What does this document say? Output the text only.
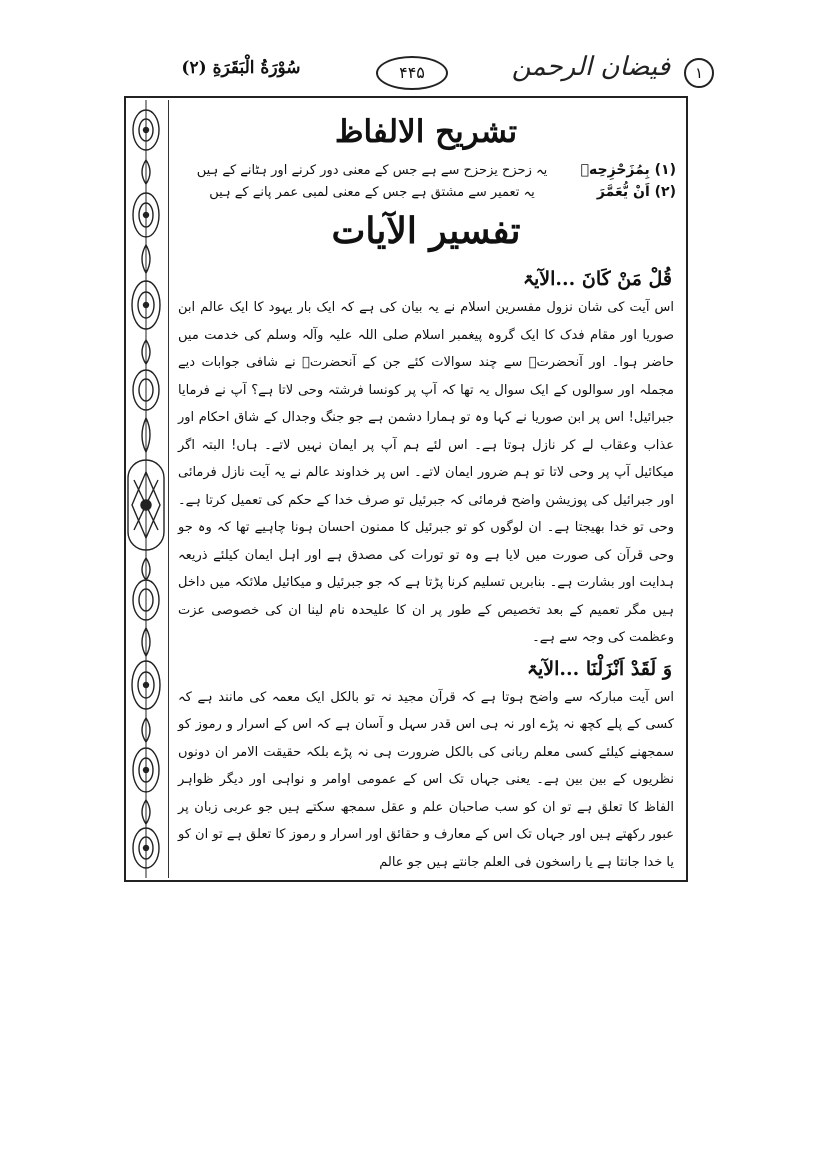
فیضان الرحمن	۱
۴۴۵
سُوْرَةُ الْبَقَرَةِ (۲)
تشریح الالفاظ
(۱) بِمُزَحْزِحِهٖ
یہ زحزح یزحزح سے ہے جس کے معنی دور کرنے اور ہٹانے کے ہیں
(۲) اَنْ یُّعَمَّرَ
یہ تعمیر سے مشتق ہے جس کے معنی لمبی عمر پانے کے ہیں
تفسیر الآیات
قُلْ مَنْ كَانَ ...الآیۃ

اس آیت کی شان نزول مفسرین اسلام نے یہ بیان کی ہے کہ ایک بار یہود کا ایک عالم ابن صوریا اور مقام فدک کا ایک گروہ پیغمبر اسلام صلی اللہ علیہ وآلہ وسلم کی خدمت میں حاضر ہوا۔ اور آنحضرتؐ سے چند سوالات کئے جن کے آنحضرتؐ نے شافی جوابات دیے مجملہ اور سوالوں کے ایک سوال یہ تھا کہ آپ پر کونسا فرشتہ وحی لاتا ہے؟ آپ نے فرمایا جبرائیل! اس پر ابن صوریا نے کہا وہ تو ہمارا دشمن ہے جو جنگ وجدال کے شاق احکام اور عذاب وعقاب لے کر نازل ہوتا ہے۔ اس لئے ہم آپ پر ایمان نہیں لاتے۔ ہاں! البتہ اگر میکائیل آپ پر وحی لاتا تو ہم ضرور ایمان لاتے۔ اس پر خداوند عالم نے یہ آیت نازل فرمائی اور جبرائیل کی پوزیشن واضح فرمائی کہ جبرئیل تو صرف خدا کے حکم کی تعمیل کرتا ہے۔ وحی تو خدا بھیجتا ہے۔ ان لوگوں کو تو جبرئیل کا ممنون احسان ہونا چاہیے تھا کہ وہ جو وحی قرآن کی صورت میں لایا ہے وہ تو تورات کی مصدق ہے اور اہل ایمان کیلئے ذریعہ ہدایت اور بشارت ہے۔ بنابریں تسلیم کرنا پڑتا ہے کہ جو جبرئیل و میکائیل ملائکہ میں داخل ہیں مگر تعمیم کے بعد تخصیص کے طور پر ان کا علیحدہ نام لینا ان کی خصوصی عزت وعظمت کی وجہ سے ہے۔

وَ لَقَدْ اَنْزَلْنَا ...الآیۃ

اس آیت مبارکہ سے واضح ہوتا ہے کہ قرآن مجید نہ تو بالکل ایک معمہ کی مانند ہے کہ کسی کے پلے کچھ نہ پڑے اور نہ ہی اس قدر سہل و آسان ہے کہ اس کے اسرار و رموز کو سمجھنے کیلئے کسی معلم ربانی کی بالکل ضرورت ہی نہ پڑے بلکہ حقیقت الامر ان دونوں نظریوں کے بین بین ہے۔ یعنی جہاں تک اس کے عمومی اوامر و نواہی اور دیگر ظواہر الفاظ کا تعلق ہے تو ان کو سب صاحبان علم و عقل سمجھ سکتے ہیں جو عربی زبان پر عبور رکھتے ہیں اور جہاں تک اس کے معارف و حقائق اور اسرار و رموز کا تعلق ہے تو ان کو یا خدا جانتا ہے یا راسخون فی العلم جانتے ہیں جو عالم
